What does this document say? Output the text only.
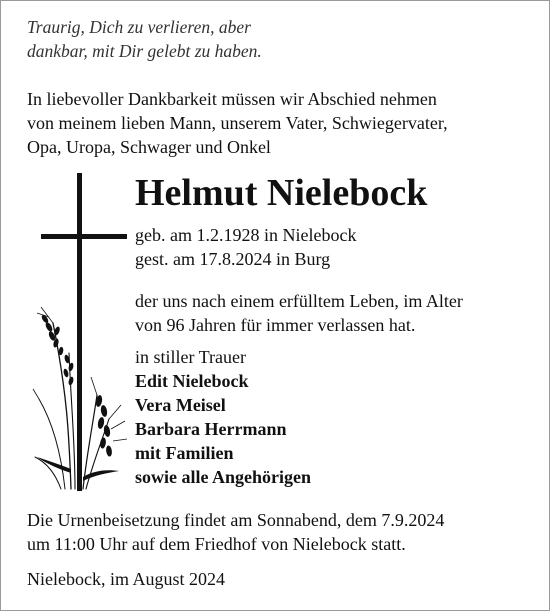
Traurig, Dich zu verlieren, aber
dankbar, mit Dir gelebt zu haben.
In liebevoller Dankbarkeit müssen wir Abschied nehmen
von meinem lieben Mann, unserem Vater, Schwiegervater,
Opa, Uropa, Schwager und Onkel
Helmut Nielebock
geb. am 1.2.1928 in Nielebock
gest. am 17.8.2024 in Burg
der uns nach einem erfülltem Leben, im Alter
von 96 Jahren für immer verlassen hat.
in stiller Trauer
Edit Nielebock
Vera Meisel
Barbara Herrmann
mit Familien
sowie alle Angehörigen
Die Urnenbeisetzung findet am Sonnabend, dem 7.9.2024
um 11:00 Uhr auf dem Friedhof von Nielebock statt.
Nielebock, im August 2024
